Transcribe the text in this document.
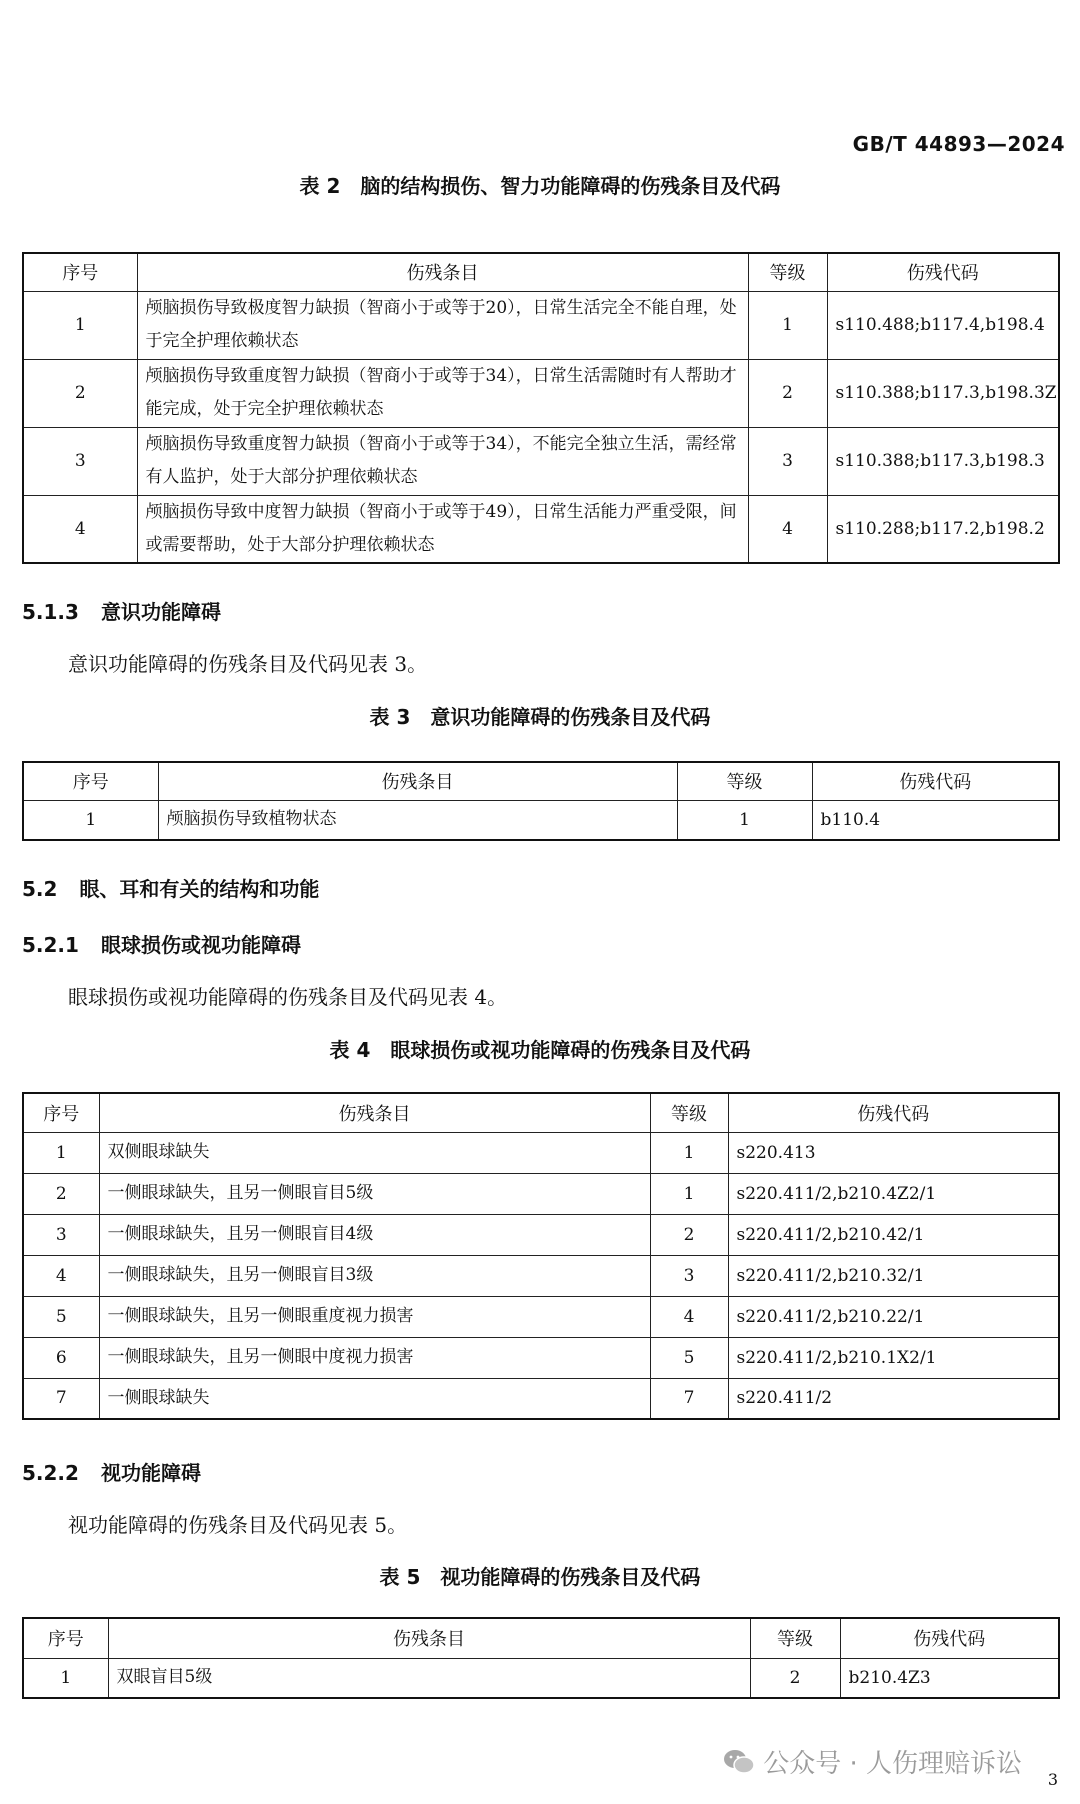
GB/T 44893—2024
表 2　脑的结构损伤、智力功能障碍的伤残条目及代码
序号	伤残条目	等级	伤残代码
1	颅脑损伤导致极度智力缺损（智商小于或等于20），日常生活完全不能自理，处于完全护理依赖状态	1	s110.488;b117.4,b198.4
2	颅脑损伤导致重度智力缺损（智商小于或等于34），日常生活需随时有人帮助才能完成，处于完全护理依赖状态	2	s110.388;b117.3,b198.3Z
3	颅脑损伤导致重度智力缺损（智商小于或等于34），不能完全独立生活，需经常有人监护，处于大部分护理依赖状态	3	s110.388;b117.3,b198.3
4	颅脑损伤导致中度智力缺损（智商小于或等于49），日常生活能力严重受限，间或需要帮助，处于大部分护理依赖状态	4	s110.288;b117.2,b198.2
5.1.3 意识功能障碍
意识功能障碍的伤残条目及代码见表 3。
表 3　意识功能障碍的伤残条目及代码
序号	伤残条目	等级	伤残代码
1	颅脑损伤导致植物状态	1	b110.4
5.2 眼、耳和有关的结构和功能
5.2.1 眼球损伤或视功能障碍
眼球损伤或视功能障碍的伤残条目及代码见表 4。
表 4　眼球损伤或视功能障碍的伤残条目及代码
序号	伤残条目	等级	伤残代码
1	双侧眼球缺失	1	s220.413
2	一侧眼球缺失，且另一侧眼盲目5级	1	s220.411/2,b210.4Z2/1
3	一侧眼球缺失，且另一侧眼盲目4级	2	s220.411/2,b210.42/1
4	一侧眼球缺失，且另一侧眼盲目3级	3	s220.411/2,b210.32/1
5	一侧眼球缺失，且另一侧眼重度视力损害	4	s220.411/2,b210.22/1
6	一侧眼球缺失，且另一侧眼中度视力损害	5	s220.411/2,b210.1X2/1
7	一侧眼球缺失	7	s220.411/2
5.2.2 视功能障碍
视功能障碍的伤残条目及代码见表 5。
表 5　视功能障碍的伤残条目及代码
序号	伤残条目	等级	伤残代码
1	双眼盲目5级	2	b210.4Z3
公众号 · 人伤理赔诉讼
3
